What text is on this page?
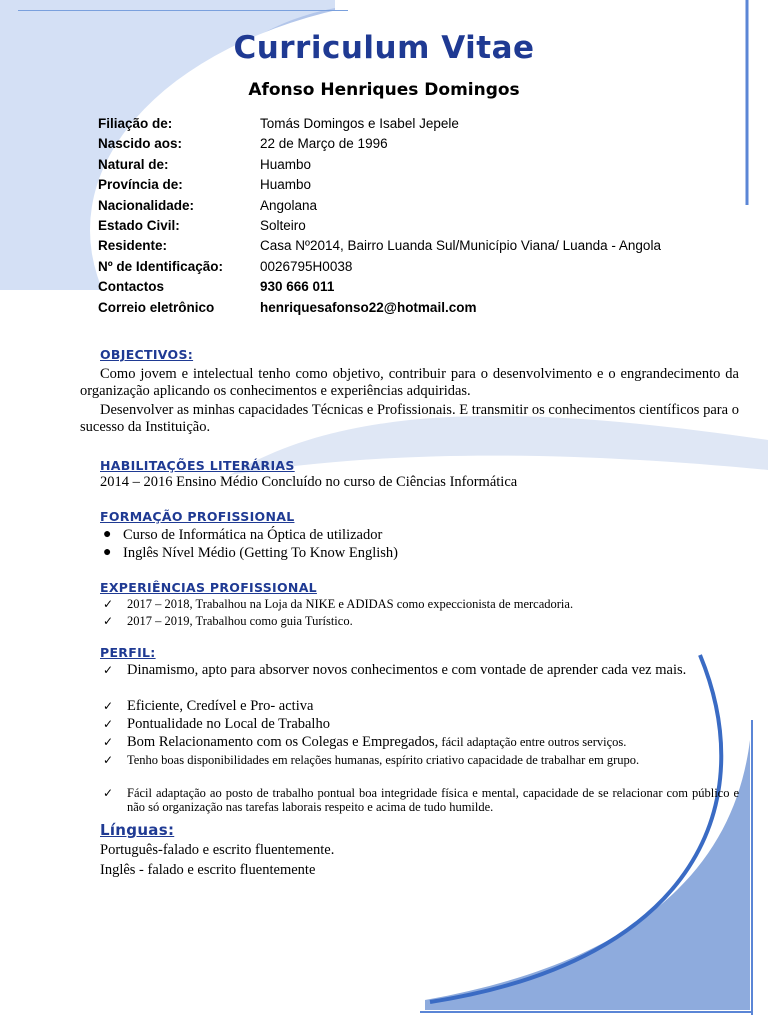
Curriculum Vitae
Afonso Henriques Domingos
Filiação de:	Tomás Domingos e Isabel Jepele
Nascido aos:	22 de Março de 1996
Natural de:	Huambo
Província de:	Huambo
Nacionalidade:	Angolana
Estado Civil:	Solteiro
Residente:	Casa Nº2014, Bairro Luanda Sul/Município Viana/ Luanda - Angola
Nº de Identificação:	0026795H0038
Contactos	930 666 011
Correio eletrônico	henriquesafonso22@hotmail.com
OBJECTIVOS:

Como jovem e intelectual tenho como objetivo, contribuir para o desenvolvimento e o engrandecimento da organização aplicando os conhecimentos e experiências adquiridas.

Desenvolver as minhas capacidades Técnicas e Profissionais. E transmitir os conhecimentos científicos para o sucesso da Instituição.

HABILITAÇÕES LITERÁRIAS
2014 – 2016 Ensino Médio Concluído no curso de Ciências Informática
FORMAÇÃO PROFISSIONAL
● Curso de Informática na Óptica de utilizador
● Inglês Nível Médio (Getting To Know English)
EXPERIÊNCIAS PROFISSIONAL
✓ 2017 – 2018, Trabalhou na Loja da NIKE e ADIDAS como expeccionista de mercadoria.
✓ 2017 – 2019, Trabalhou como guia Turístico.
PERFIL:
✓ Dinamismo, apto para absorver novos conhecimentos e com vontade de aprender cada vez mais.
✓ Eficiente, Credível e Pro- activa
✓ Pontualidade no Local de Trabalho
✓ Bom Relacionamento com os Colegas e Empregados, fácil adaptação entre outros serviços.
✓ Tenho boas disponibilidades em relações humanas, espírito criativo capacidade de trabalhar em grupo.
✓ Fácil adaptação ao posto de trabalho pontual boa integridade física e mental, capacidade de se relacionar com público e não só organização nas tarefas laborais respeito e acima de tudo humilde.
Línguas:
Português-falado e escrito fluentemente.
Inglês - falado e escrito fluentemente
